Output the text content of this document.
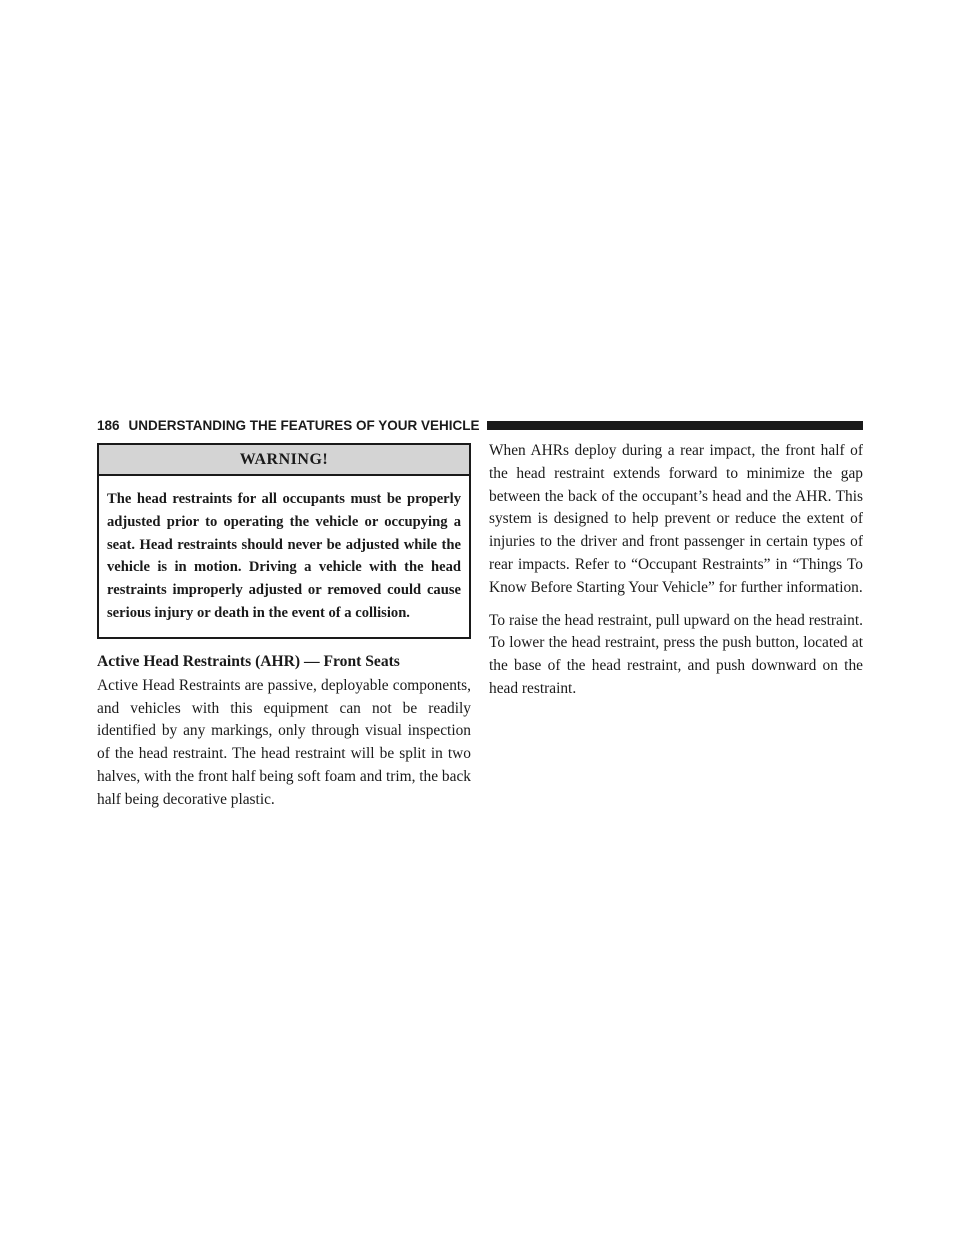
186 UNDERSTANDING THE FEATURES OF YOUR VEHICLE
WARNING!
The head restraints for all occupants must be properly adjusted prior to operating the vehicle or occupying a seat. Head restraints should never be adjusted while the vehicle is in motion. Driving a vehicle with the head restraints improperly adjusted or removed could cause serious injury or death in the event of a collision.
Active Head Restraints (AHR) — Front Seats

Active Head Restraints are passive, deployable components, and vehicles with this equipment can not be readily identified by any markings, only through visual inspection of the head restraint. The head restraint will be split in two halves, with the front half being soft foam and trim, the back half being decorative plastic.

When AHRs deploy during a rear impact, the front half of the head restraint extends forward to minimize the gap between the back of the occupant’s head and the AHR. This system is designed to help prevent or reduce the extent of injuries to the driver and front passenger in certain types of rear impacts. Refer to “Occupant Restraints” in “Things To Know Before Starting Your Vehicle” for further information.

To raise the head restraint, pull upward on the head restraint. To lower the head restraint, press the push button, located at the base of the head restraint, and push downward on the head restraint.
